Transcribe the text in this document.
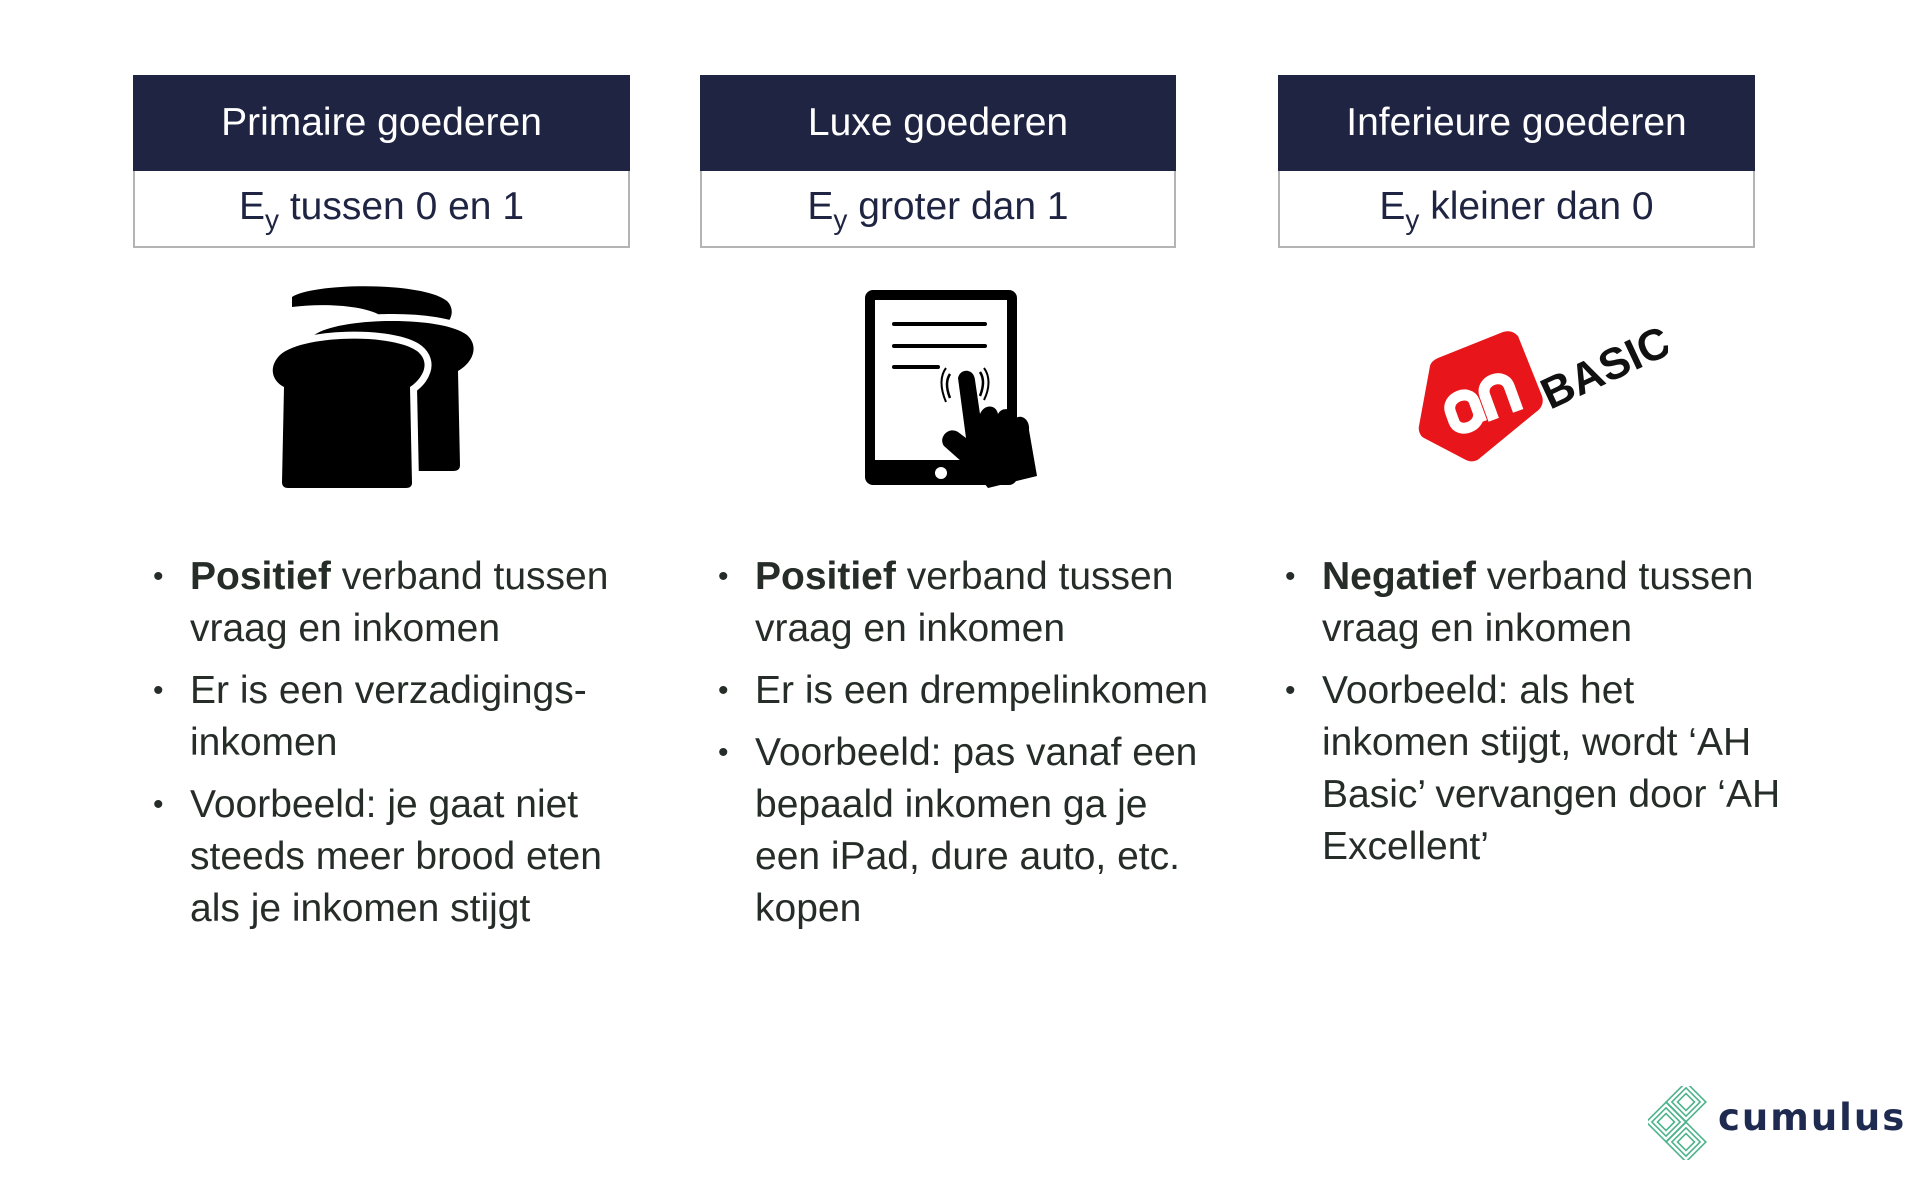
Primaire goederen
$E_y$ tussen 0 en 1
Luxe goederen
$E_y$ groter dan 1
Inferieure goederen
$E_y$ kleiner dan 0
BASIC
• Positief verband tussen vraag en inkomen
• Er is een verzadigings-inkomen
• Voorbeeld: je gaat niet steeds meer brood eten als je inkomen stijgt
• Positief verband tussen vraag en inkomen
• Er is een drempelinkomen
• Voorbeeld: pas vanaf een bepaald inkomen ga je een iPad, dure auto, etc. kopen
• Negatief verband tussen vraag en inkomen
• Voorbeeld: als het inkomen stijgt, wordt ‘AH Basic’ vervangen door ‘AH Excellent’
cumulus
